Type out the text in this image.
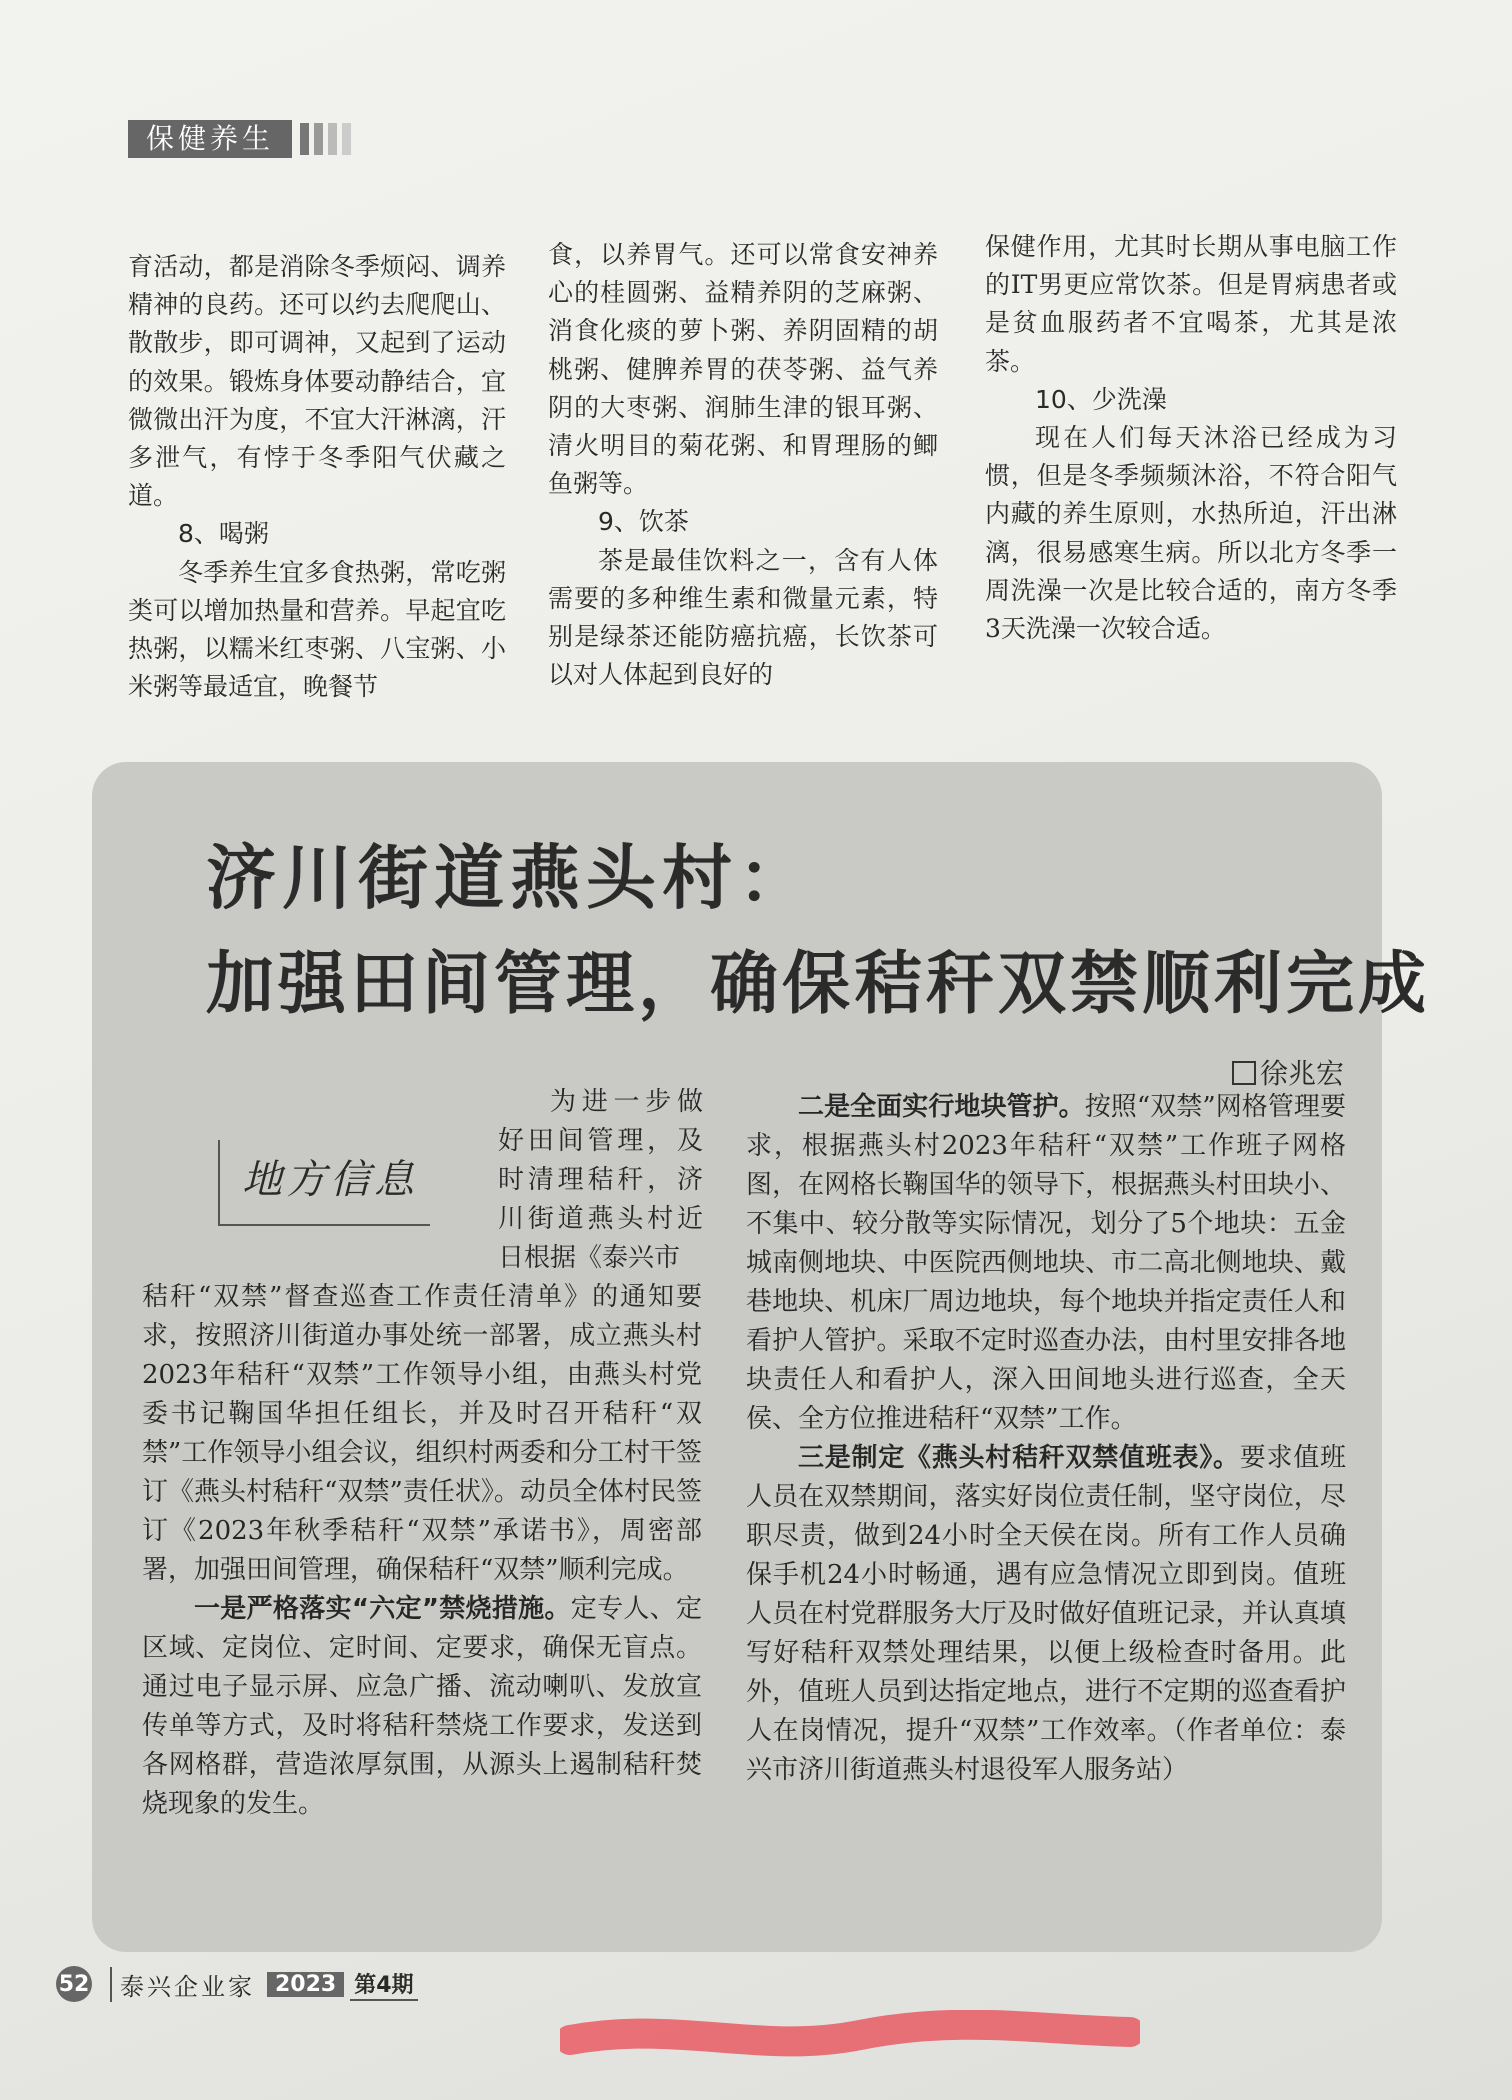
保健养生

育活动，都是消除冬季烦闷、调养精神的良药。还可以约去爬爬山、散散步，即可调神，又起到了运动的效果。锻炼身体要动静结合，宜微微出汗为度，不宜大汗淋漓，汗多泄气，有悖于冬季阳气伏藏之道。

8、喝粥

冬季养生宜多食热粥，常吃粥类可以增加热量和营养。早起宜吃热粥，以糯米红枣粥、八宝粥、小米粥等最适宜，晚餐节

食，以养胃气。还可以常食安神养心的桂圆粥、益精养阴的芝麻粥、消食化痰的萝卜粥、养阴固精的胡桃粥、健脾养胃的茯苓粥、益气养阴的大枣粥、润肺生津的银耳粥、清火明目的菊花粥、和胃理肠的鲫鱼粥等。

9、饮茶

茶是最佳饮料之一，含有人体需要的多种维生素和微量元素，特别是绿茶还能防癌抗癌，长饮茶可以对人体起到良好的

保健作用，尤其时长期从事电脑工作的IT男更应常饮茶。但是胃病患者或是贫血服药者不宜喝茶，尤其是浓茶。

10、少洗澡

现在人们每天沐浴已经成为习惯，但是冬季频频沐浴，不符合阳气内藏的养生原则，水热所迫，汗出淋漓，很易感寒生病。所以北方冬季一周洗澡一次是比较合适的，南方冬季3天洗澡一次较合适。

济川街道燕头村：
加强田间管理，确保秸秆双禁顺利完成
徐兆宏
地方信息

为进一步做好田间管理，及时清理秸秆，济川街道燕头村近日根据《泰兴市

秸秆“双禁”督查巡查工作责任清单》的通知要求，按照济川街道办事处统一部署，成立燕头村2023年秸秆“双禁”工作领导小组，由燕头村党委书记鞠国华担任组长，并及时召开秸秆“双禁”工作领导小组会议，组织村两委和分工村干签订《燕头村秸秆“双禁”责任状》。动员全体村民签订《2023年秋季秸秆“双禁”承诺书》，周密部署，加强田间管理，确保秸秆“双禁”顺利完成。

一是严格落实“六定”禁烧措施。定专人、定区域、定岗位、定时间、定要求，确保无盲点。通过电子显示屏、应急广播、流动喇叭、发放宣传单等方式，及时将秸秆禁烧工作要求，发送到各网格群，营造浓厚氛围，从源头上遏制秸秆焚烧现象的发生。

二是全面实行地块管护。按照“双禁”网格管理要求，根据燕头村2023年秸秆“双禁”工作班子网格图，在网格长鞠国华的领导下，根据燕头村田块小、不集中、较分散等实际情况，划分了5个地块：五金城南侧地块、中医院西侧地块、市二高北侧地块、戴巷地块、机床厂周边地块，每个地块并指定责任人和看护人管护。采取不定时巡查办法，由村里安排各地块责任人和看护人，深入田间地头进行巡查，全天侯、全方位推进秸秆“双禁”工作。

三是制定《燕头村秸秆双禁值班表》。要求值班人员在双禁期间，落实好岗位责任制，坚守岗位，尽职尽责，做到24小时全天侯在岗。所有工作人员确保手机24小时畅通，遇有应急情况立即到岗。值班人员在村党群服务大厅及时做好值班记录，并认真填写好秸秆双禁处理结果，以便上级检查时备用。此外，值班人员到达指定地点，进行不定期的巡查看护人在岗情况，提升“双禁”工作效率。（作者单位：泰兴市济川街道燕头村退役军人服务站）

52	泰兴企业家 2023 第4期
